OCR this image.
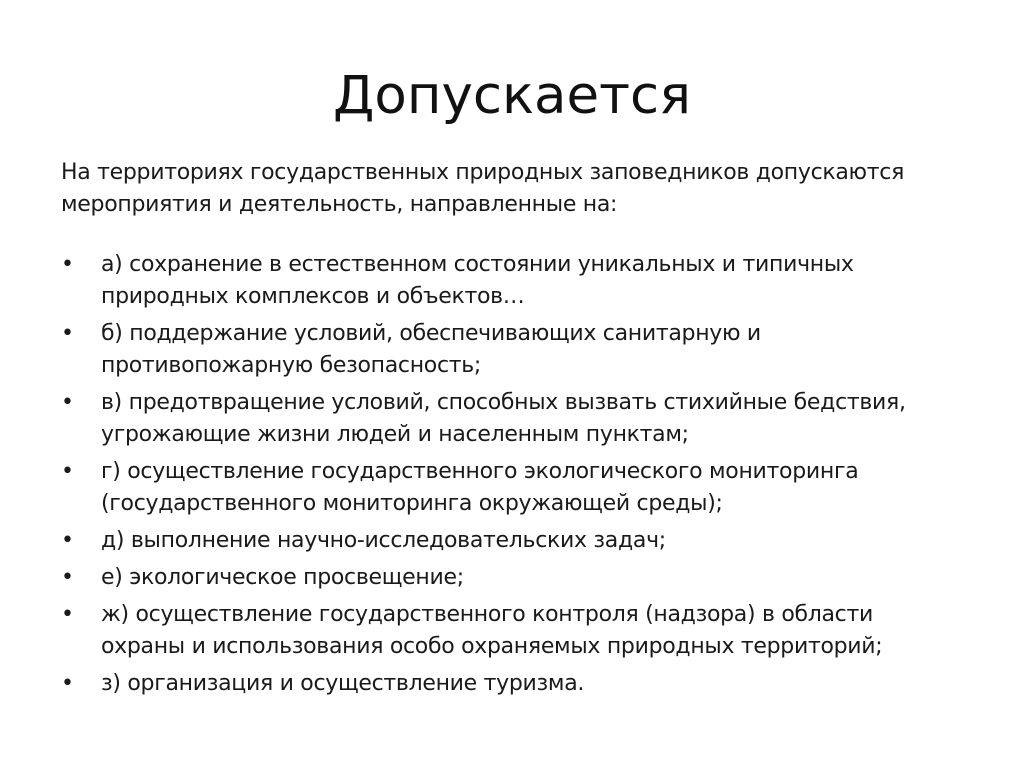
Допускается

На территориях государственных природных заповедников допускаются мероприятия и деятельность, направленные на:

•	а) сохранение в естественном состоянии уникальных и типичных природных комплексов и объектов…
•	б) поддержание условий, обеспечивающих санитарную и противопожарную безопасность;
•	в) предотвращение условий, способных вызвать стихийные бедствия, угрожающие жизни людей и населенным пунктам;
•	г) осуществление государственного экологического мониторинга (государственного мониторинга окружающей среды);
•	д) выполнение научно-исследовательских задач;
•	е) экологическое просвещение;
•	ж) осуществление государственного контроля (надзора) в области охраны и использования особо охраняемых природных территорий;
•	з) организация и осуществление туризма.
